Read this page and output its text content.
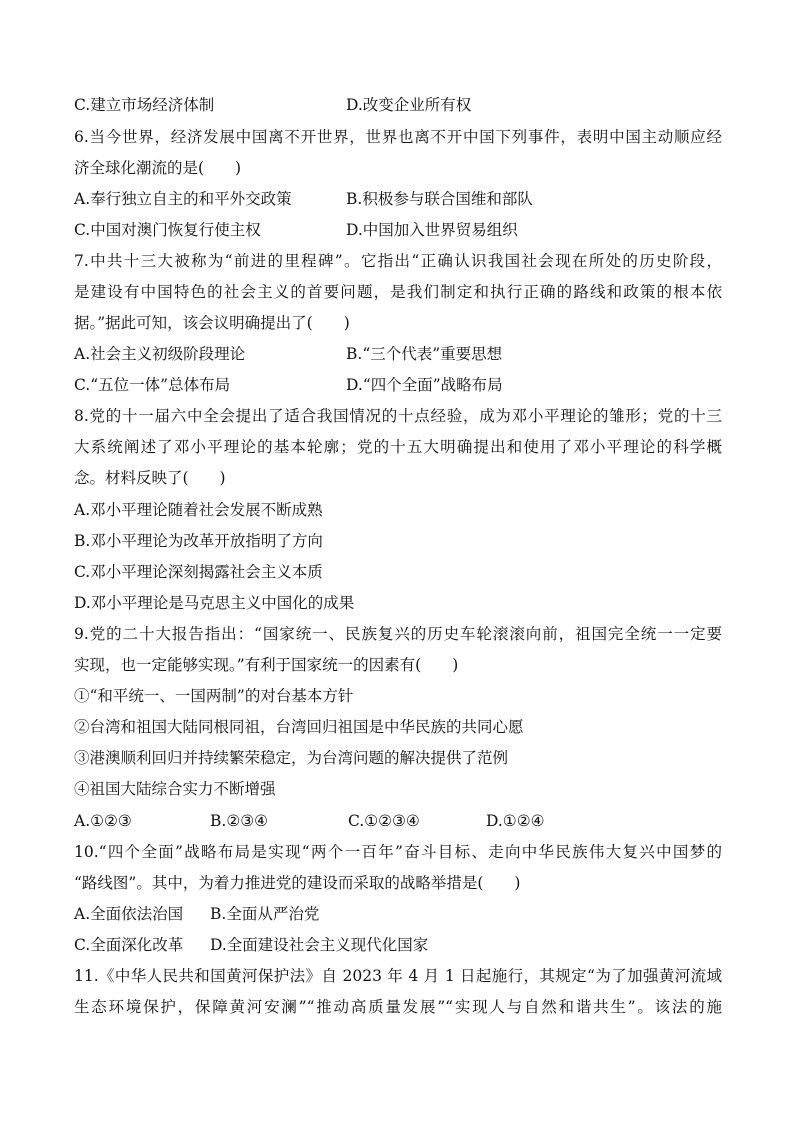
C.建立市场经济体制	D.改变企业所有权
6.当今世界，经济发展中国离不开世界，世界也离不开中国下列事件，表明中国主动顺应经
济全球化潮流的是(　　)
A.奉行独立自主的和平外交政策	B.积极参与联合国维和部队
C.中国对澳门恢复行使主权	D.中国加入世界贸易组织
7.中共十三大被称为“前进的里程碑”。它指出“正确认识我国社会现在所处的历史阶段，
是建设有中国特色的社会主义的首要问题，是我们制定和执行正确的路线和政策的根本依
据。”据此可知，该会议明确提出了(　　)
A.社会主义初级阶段理论	B.“三个代表”重要思想
C.“五位一体”总体布局	D.“四个全面”战略布局
8.党的十一届六中全会提出了适合我国情况的十点经验，成为邓小平理论的雏形；党的十三
大系统阐述了邓小平理论的基本轮廓；党的十五大明确提出和使用了邓小平理论的科学概
念。材料反映了(　　)
A.邓小平理论随着社会发展不断成熟
B.邓小平理论为改革开放指明了方向
C.邓小平理论深刻揭露社会主义本质
D.邓小平理论是马克思主义中国化的成果
9.党的二十大报告指出：“国家统一、民族复兴的历史车轮滚滚向前，祖国完全统一一定要
实现，也一定能够实现。”有利于国家统一的因素有(　　)
①“和平统一、一国两制”的对台基本方针
②台湾和祖国大陆同根同祖，台湾回归祖国是中华民族的共同心愿
③港澳顺利回归并持续繁荣稳定，为台湾问题的解决提供了范例
④祖国大陆综合实力不断增强
A.①②③	B.②③④	C.①②③④	D.①②④
10.“四个全面”战略布局是实现“两个一百年”奋斗目标、走向中华民族伟大复兴中国梦的
“路线图”。其中，为着力推进党的建设而采取的战略举措是(　　)
A.全面依法治国 B.全面从严治党
C.全面深化改革 D.全面建设社会主义现代化国家
11.《中华人民共和国黄河保护法》自 2023 年 4 月 1 日起施行，其规定“为了加强黄河流域
生态环境保护，保障黄河安澜”“推动高质量发展”“实现人与自然和谐共生”。该法的施
